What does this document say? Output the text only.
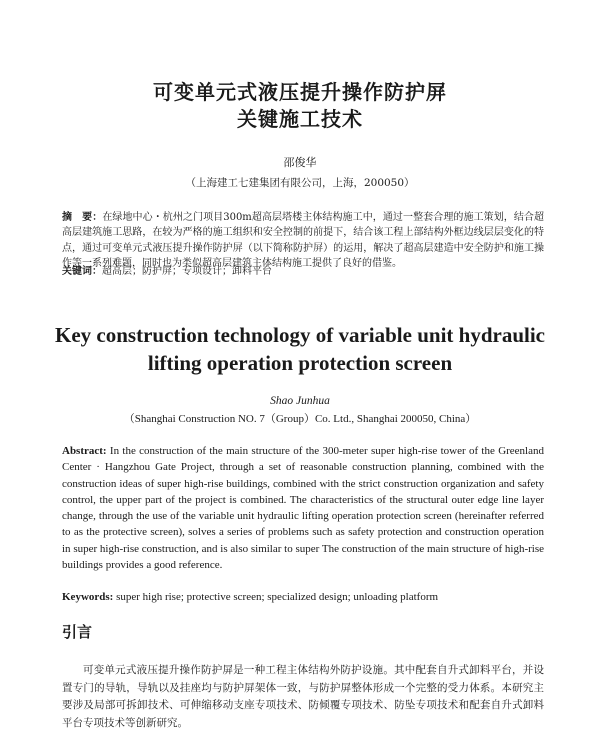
可变单元式液压提升操作防护屏
关键施工技术
邵俊华
（上海建工七建集团有限公司，上海，200050）
摘　要：在绿地中心・杭州之门项目300m超高层塔楼主体结构施工中，通过一整套合理的施工策划，结合超高层建筑施工思路，在较为严格的施工组织和安全控制的前提下，结合该工程上部结构外框边线层层变化的特点，通过可变单元式液压提升操作防护屏（以下简称防护屏）的运用，解决了超高层建造中安全防护和施工操作等一系列难题，同时也为类似超高层建筑主体结构施工提供了良好的借鉴。
关键词：超高层；防护屏；专项设计；卸料平台
Key construction technology of variable unit hydraulic
lifting operation protection screen
Shao Junhua
（Shanghai Construction NO. 7（Group）Co. Ltd., Shanghai 200050, China）
Abstract: In the construction of the main structure of the 300-meter super high-rise tower of the Greenland Center · Hangzhou Gate Project, through a set of reasonable construction planning, combined with the construction ideas of super high-rise buildings, combined with the strict construction organization and safety control, the upper part of the project is combined. The characteristics of the structural outer edge line layer change, through the use of the variable unit hydraulic lifting operation protection screen (hereinafter referred to as the protective screen), solves a series of problems such as safety protection and construction operation in super high-rise construction, and is also similar to super The construction of the main structure of high-rise buildings provides a good reference.
Keywords: super high rise; protective screen; specialized design; unloading platform
引言
可变单元式液压提升操作防护屏是一种工程主体结构外防护设施。其中配套自升式卸料平台，并设置专门的导轨，导轨以及挂座均与防护屏架体一致，与防护屏整体形成一个完整的受力体系。本研究主要涉及局部可拆卸技术、可伸缩移动支座专项技术、防倾覆专项技术、防坠专项技术和配套自升式卸料平台专项技术等创新研究。
